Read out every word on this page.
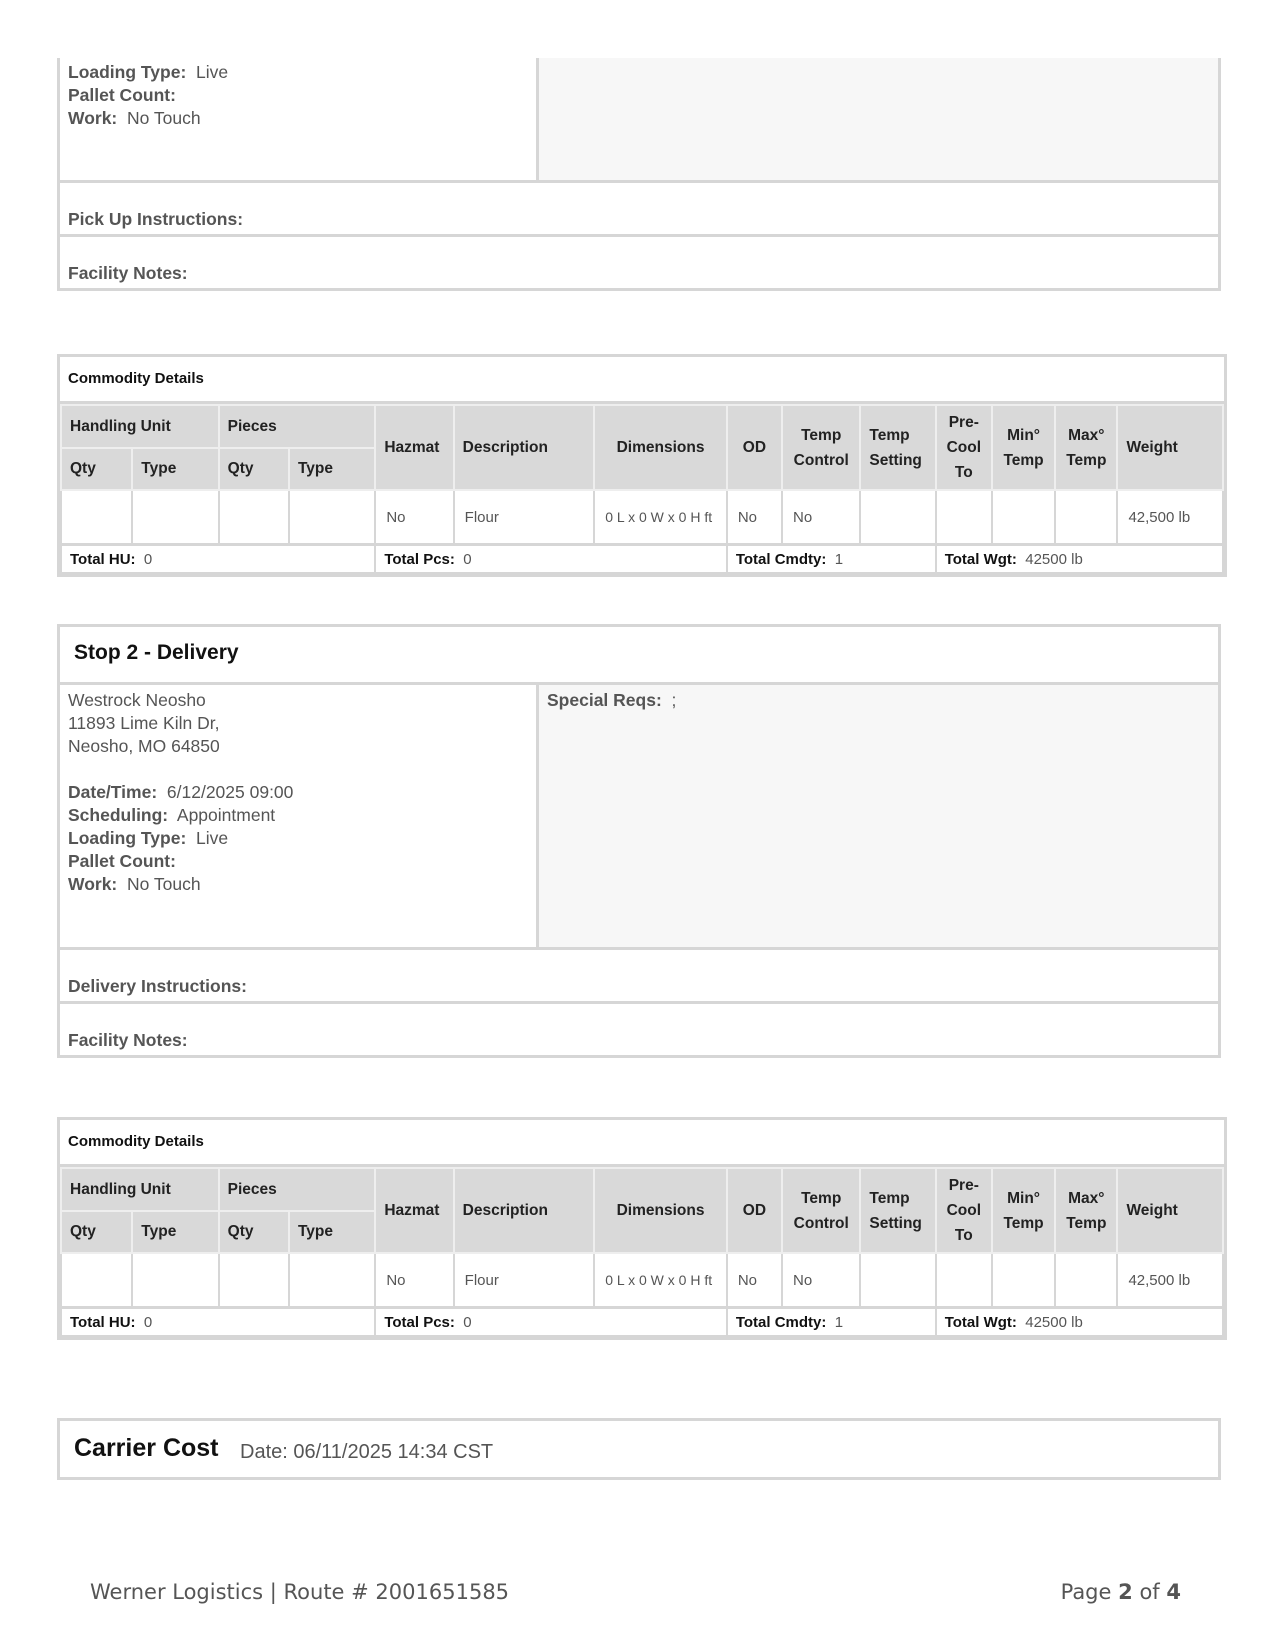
Loading Type: Live
Pallet Count:
Work: No Touch
Pick Up Instructions:
Facility Notes:
Commodity Details
Handling Unit		Pieces		Hazmat	Description	Dimensions	OD	Temp Control	Temp Setting	Pre- Cool To	Min° Temp	Max° Temp	Weight
Qty	Type	Qty	Type										
				No	Flour	0 L x 0 W x 0 H ft	No	No					42,500 lb
Total HU: 0				Total Pcs: 0			Total Cmdty: 1			Total Wgt: 42500 lb			
Stop 2 - Delivery
Westrock Neosho
11893 Lime Kiln Dr,
Neosho, MO 64850
Date/Time: 6/12/2025 09:00
Scheduling: Appointment
Loading Type: Live
Pallet Count:
Work: No Touch
Special Reqs: ;
Delivery Instructions:
Facility Notes:
Commodity Details
Handling Unit		Pieces		Hazmat	Description	Dimensions	OD	Temp Control	Temp Setting	Pre- Cool To	Min° Temp	Max° Temp	Weight
Qty	Type	Qty	Type										
				No	Flour	0 L x 0 W x 0 H ft	No	No					42,500 lb
Total HU: 0				Total Pcs: 0			Total Cmdty: 1			Total Wgt: 42500 lb			
Carrier Cost Date: 06/11/2025 14:34 CST
Werner Logistics | Route # 2001651585	Page 2 of 4
